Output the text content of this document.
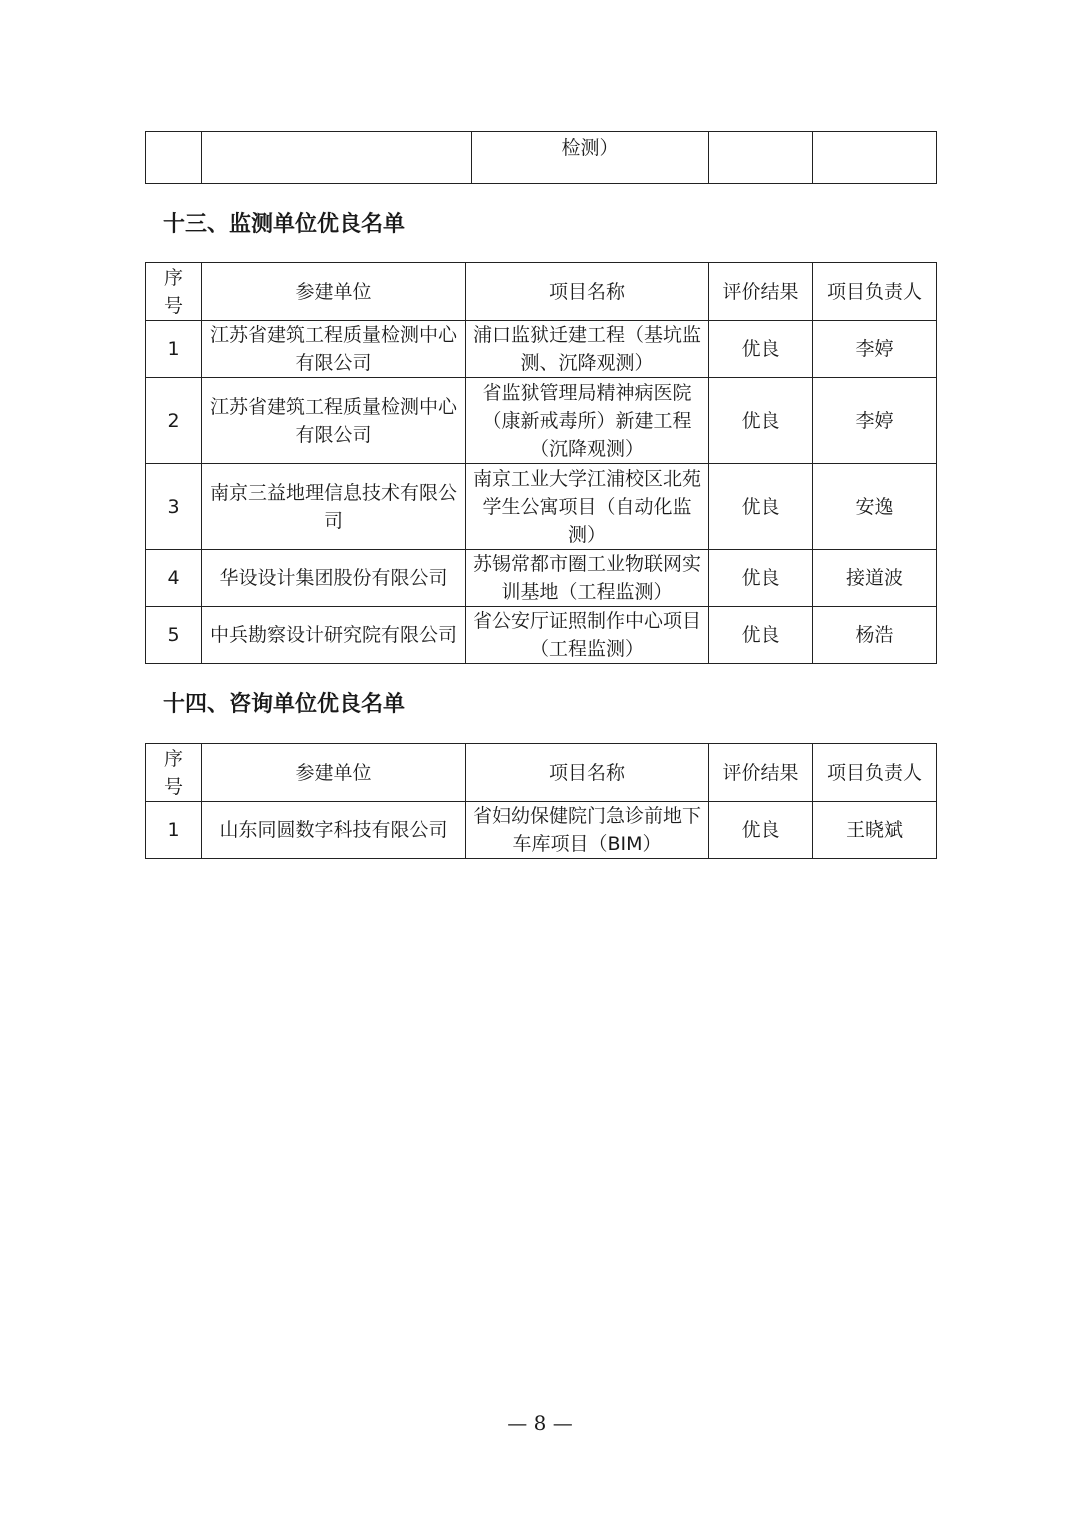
		检测）		
十三、监测单位优良名单
序号	参建单位	项目名称	评价结果	项目负责人
1	江苏省建筑工程质量检测中心有限公司	浦口监狱迁建工程（基坑监测、沉降观测）	优良	李婷
2	江苏省建筑工程质量检测中心有限公司	省监狱管理局精神病医院（康新戒毒所）新建工程（沉降观测）	优良	李婷
3	南京三益地理信息技术有限公司	南京工业大学江浦校区北苑学生公寓项目（自动化监测）	优良	安逸
4	华设设计集团股份有限公司	苏锡常都市圈工业物联网实训基地（工程监测）	优良	接道波
5	中兵勘察设计研究院有限公司	省公安厅证照制作中心项目（工程监测）	优良	杨浩
十四、咨询单位优良名单
序号	参建单位	项目名称	评价结果	项目负责人
1	山东同圆数字科技有限公司	省妇幼保健院门急诊前地下车库项目（BIM）	优良	王晓斌
— 8 —
